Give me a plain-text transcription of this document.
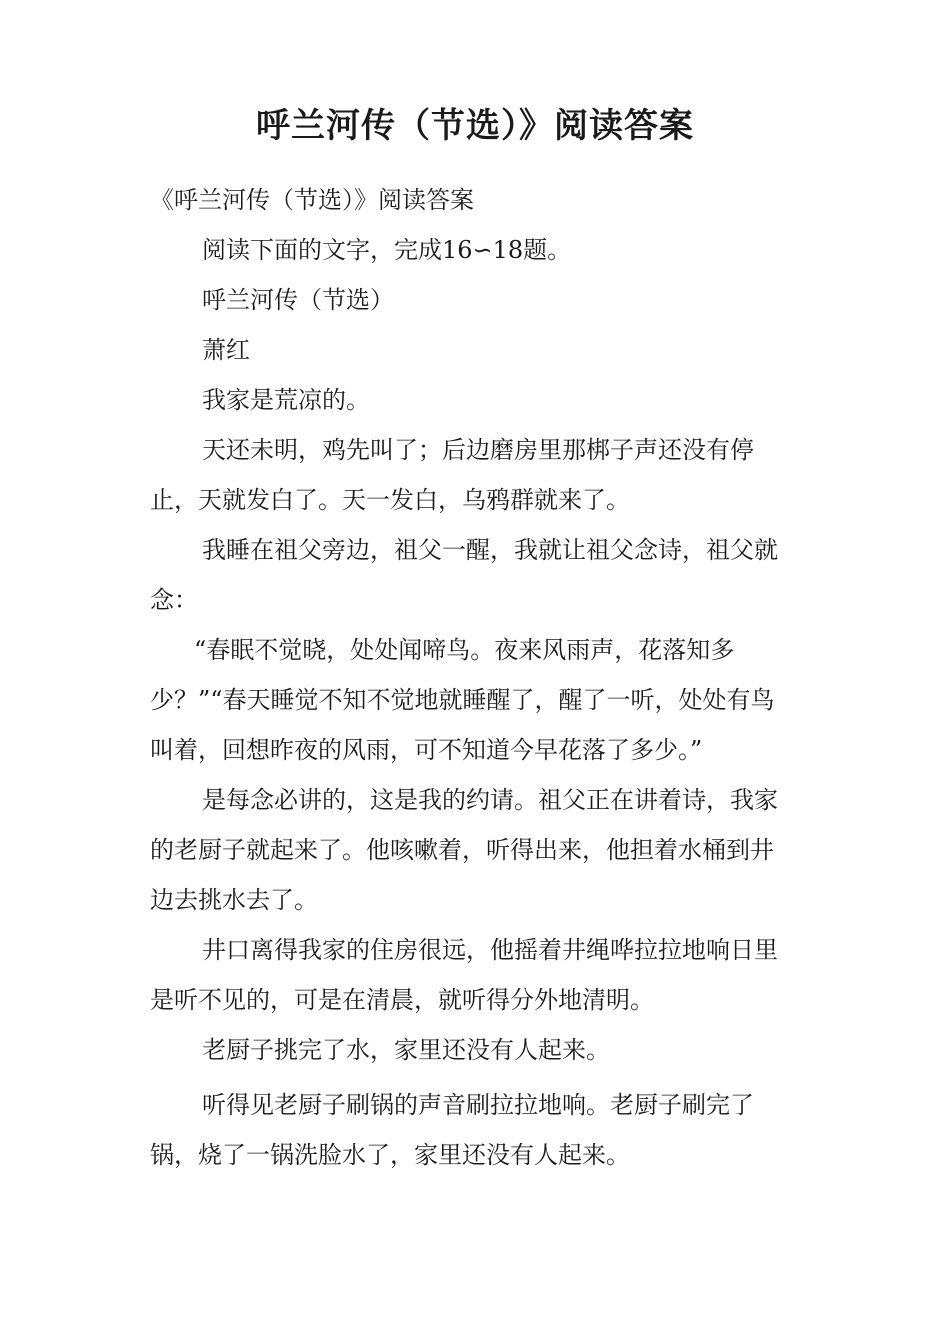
呼兰河传（节选）》阅读答案

《呼兰河传（节选）》阅读答案

阅读下面的文字，完成16∽18题。

呼兰河传（节选）

萧红

我家是荒凉的。

天还未明，鸡先叫了；后边磨房里那梆子声还没有停止，天就发白了。天一发白，乌鸦群就来了。

我睡在祖父旁边，祖父一醒，我就让祖父念诗，祖父就念：

“春眠不觉晓，处处闻啼鸟。夜来风雨声，花落知多少？”“春天睡觉不知不觉地就睡醒了，醒了一听，处处有鸟叫着，回想昨夜的风雨，可不知道今早花落了多少。”

是每念必讲的，这是我的约请。祖父正在讲着诗，我家的老厨子就起来了。他咳嗽着，听得出来，他担着水桶到井边去挑水去了。

井口离得我家的住房很远，他摇着井绳哗拉拉地响日里是听不见的，可是在清晨，就听得分外地清明。

老厨子挑完了水，家里还没有人起来。

听得见老厨子刷锅的声音刷拉拉地响。老厨子刷完了锅，烧了一锅洗脸水了，家里还没有人起来。
